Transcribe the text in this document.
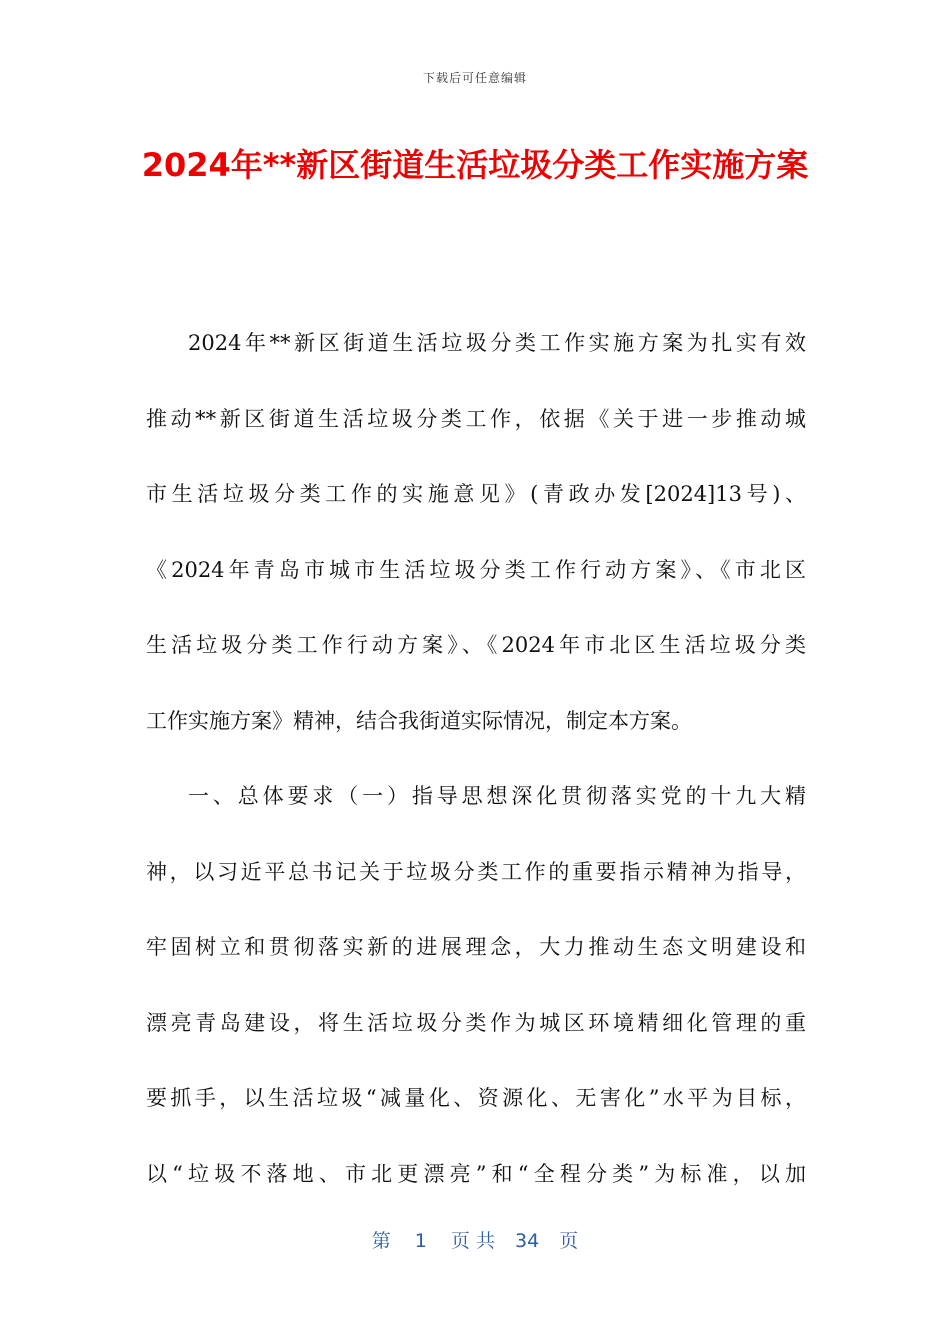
下载后可任意编辑
2024年**新区街道生活垃圾分类工作实施方案
2024年**新区街道生活垃圾分类工作实施方案为扎实有效
推动**新区街道生活垃圾分类工作，依据《关于进一步推动城
市生活垃圾分类工作的实施意见》(青政办发[2024]13号)、
《2024年青岛市城市生活垃圾分类工作行动方案》、《市北区
生活垃圾分类工作行动方案》、《2024年市北区生活垃圾分类
工作实施方案》精神，结合我街道实际情况，制定本方案。
一、总体要求（一）指导思想深化贯彻落实党的十九大精
神，以习近平总书记关于垃圾分类工作的重要指示精神为指导，
牢固树立和贯彻落实新的进展理念，大力推动生态文明建设和
漂亮青岛建设，将生活垃圾分类作为城区环境精细化管理的重
要抓手，以生活垃圾“减量化、资源化、无害化”水平为目标，
以“垃圾不落地、市北更漂亮”和“全程分类”为标准，以加
第 1 页 共 34 页
